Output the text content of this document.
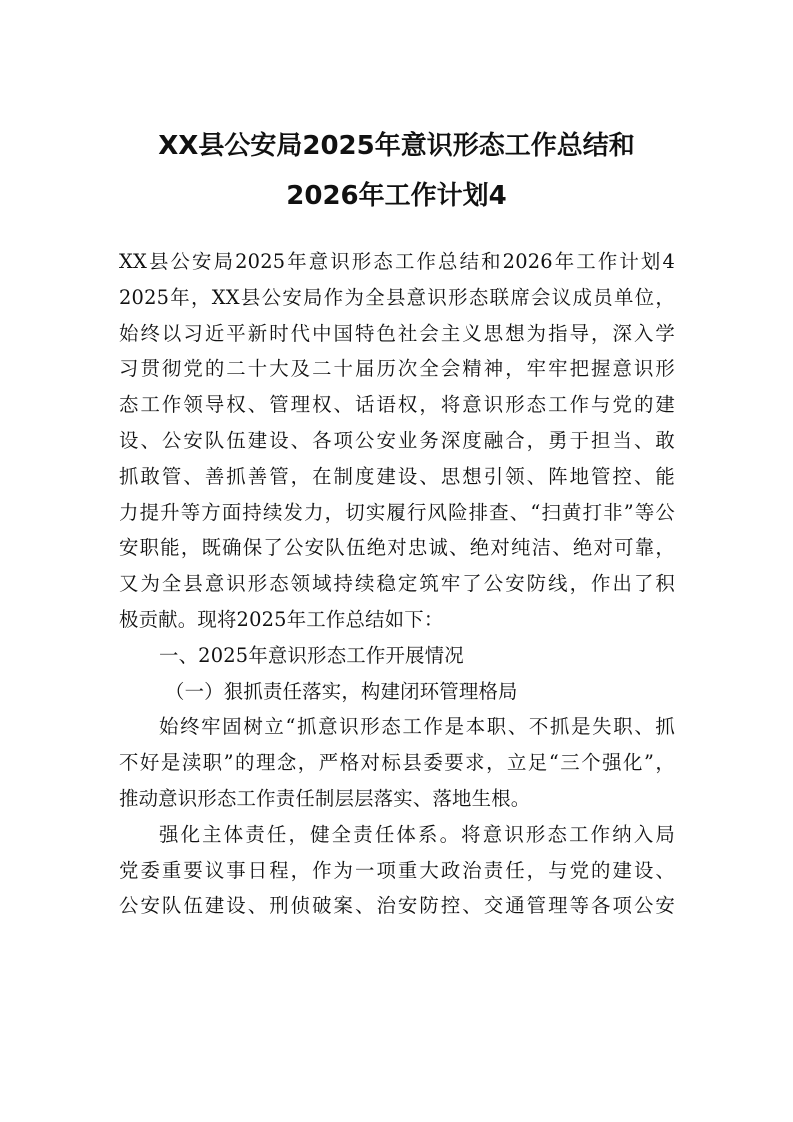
XX县公安局2025年意识形态工作总结和
2026年工作计划4
XX县公安局2025年意识形态工作总结和2026年工作计划4
2025年，XX县公安局作为全县意识形态联席会议成员单位，
始终以习近平新时代中国特色社会主义思想为指导，深入学
习贯彻党的二十大及二十届历次全会精神，牢牢把握意识形
态工作领导权、管理权、话语权，将意识形态工作与党的建
设、公安队伍建设、各项公安业务深度融合，勇于担当、敢
抓敢管、善抓善管，在制度建设、思想引领、阵地管控、能
力提升等方面持续发力，切实履行风险排查、“扫黄打非”等公
安职能，既确保了公安队伍绝对忠诚、绝对纯洁、绝对可靠，
又为全县意识形态领域持续稳定筑牢了公安防线，作出了积
极贡献。现将2025年工作总结如下：
一、2025年意识形态工作开展情况
（一）狠抓责任落实，构建闭环管理格局
始终牢固树立“抓意识形态工作是本职、不抓是失职、抓
不好是渎职”的理念，严格对标县委要求，立足“三个强化”，
推动意识形态工作责任制层层落实、落地生根。
强化主体责任，健全责任体系。将意识形态工作纳入局
党委重要议事日程，作为一项重大政治责任，与党的建设、
公安队伍建设、刑侦破案、治安防控、交通管理等各项公安
